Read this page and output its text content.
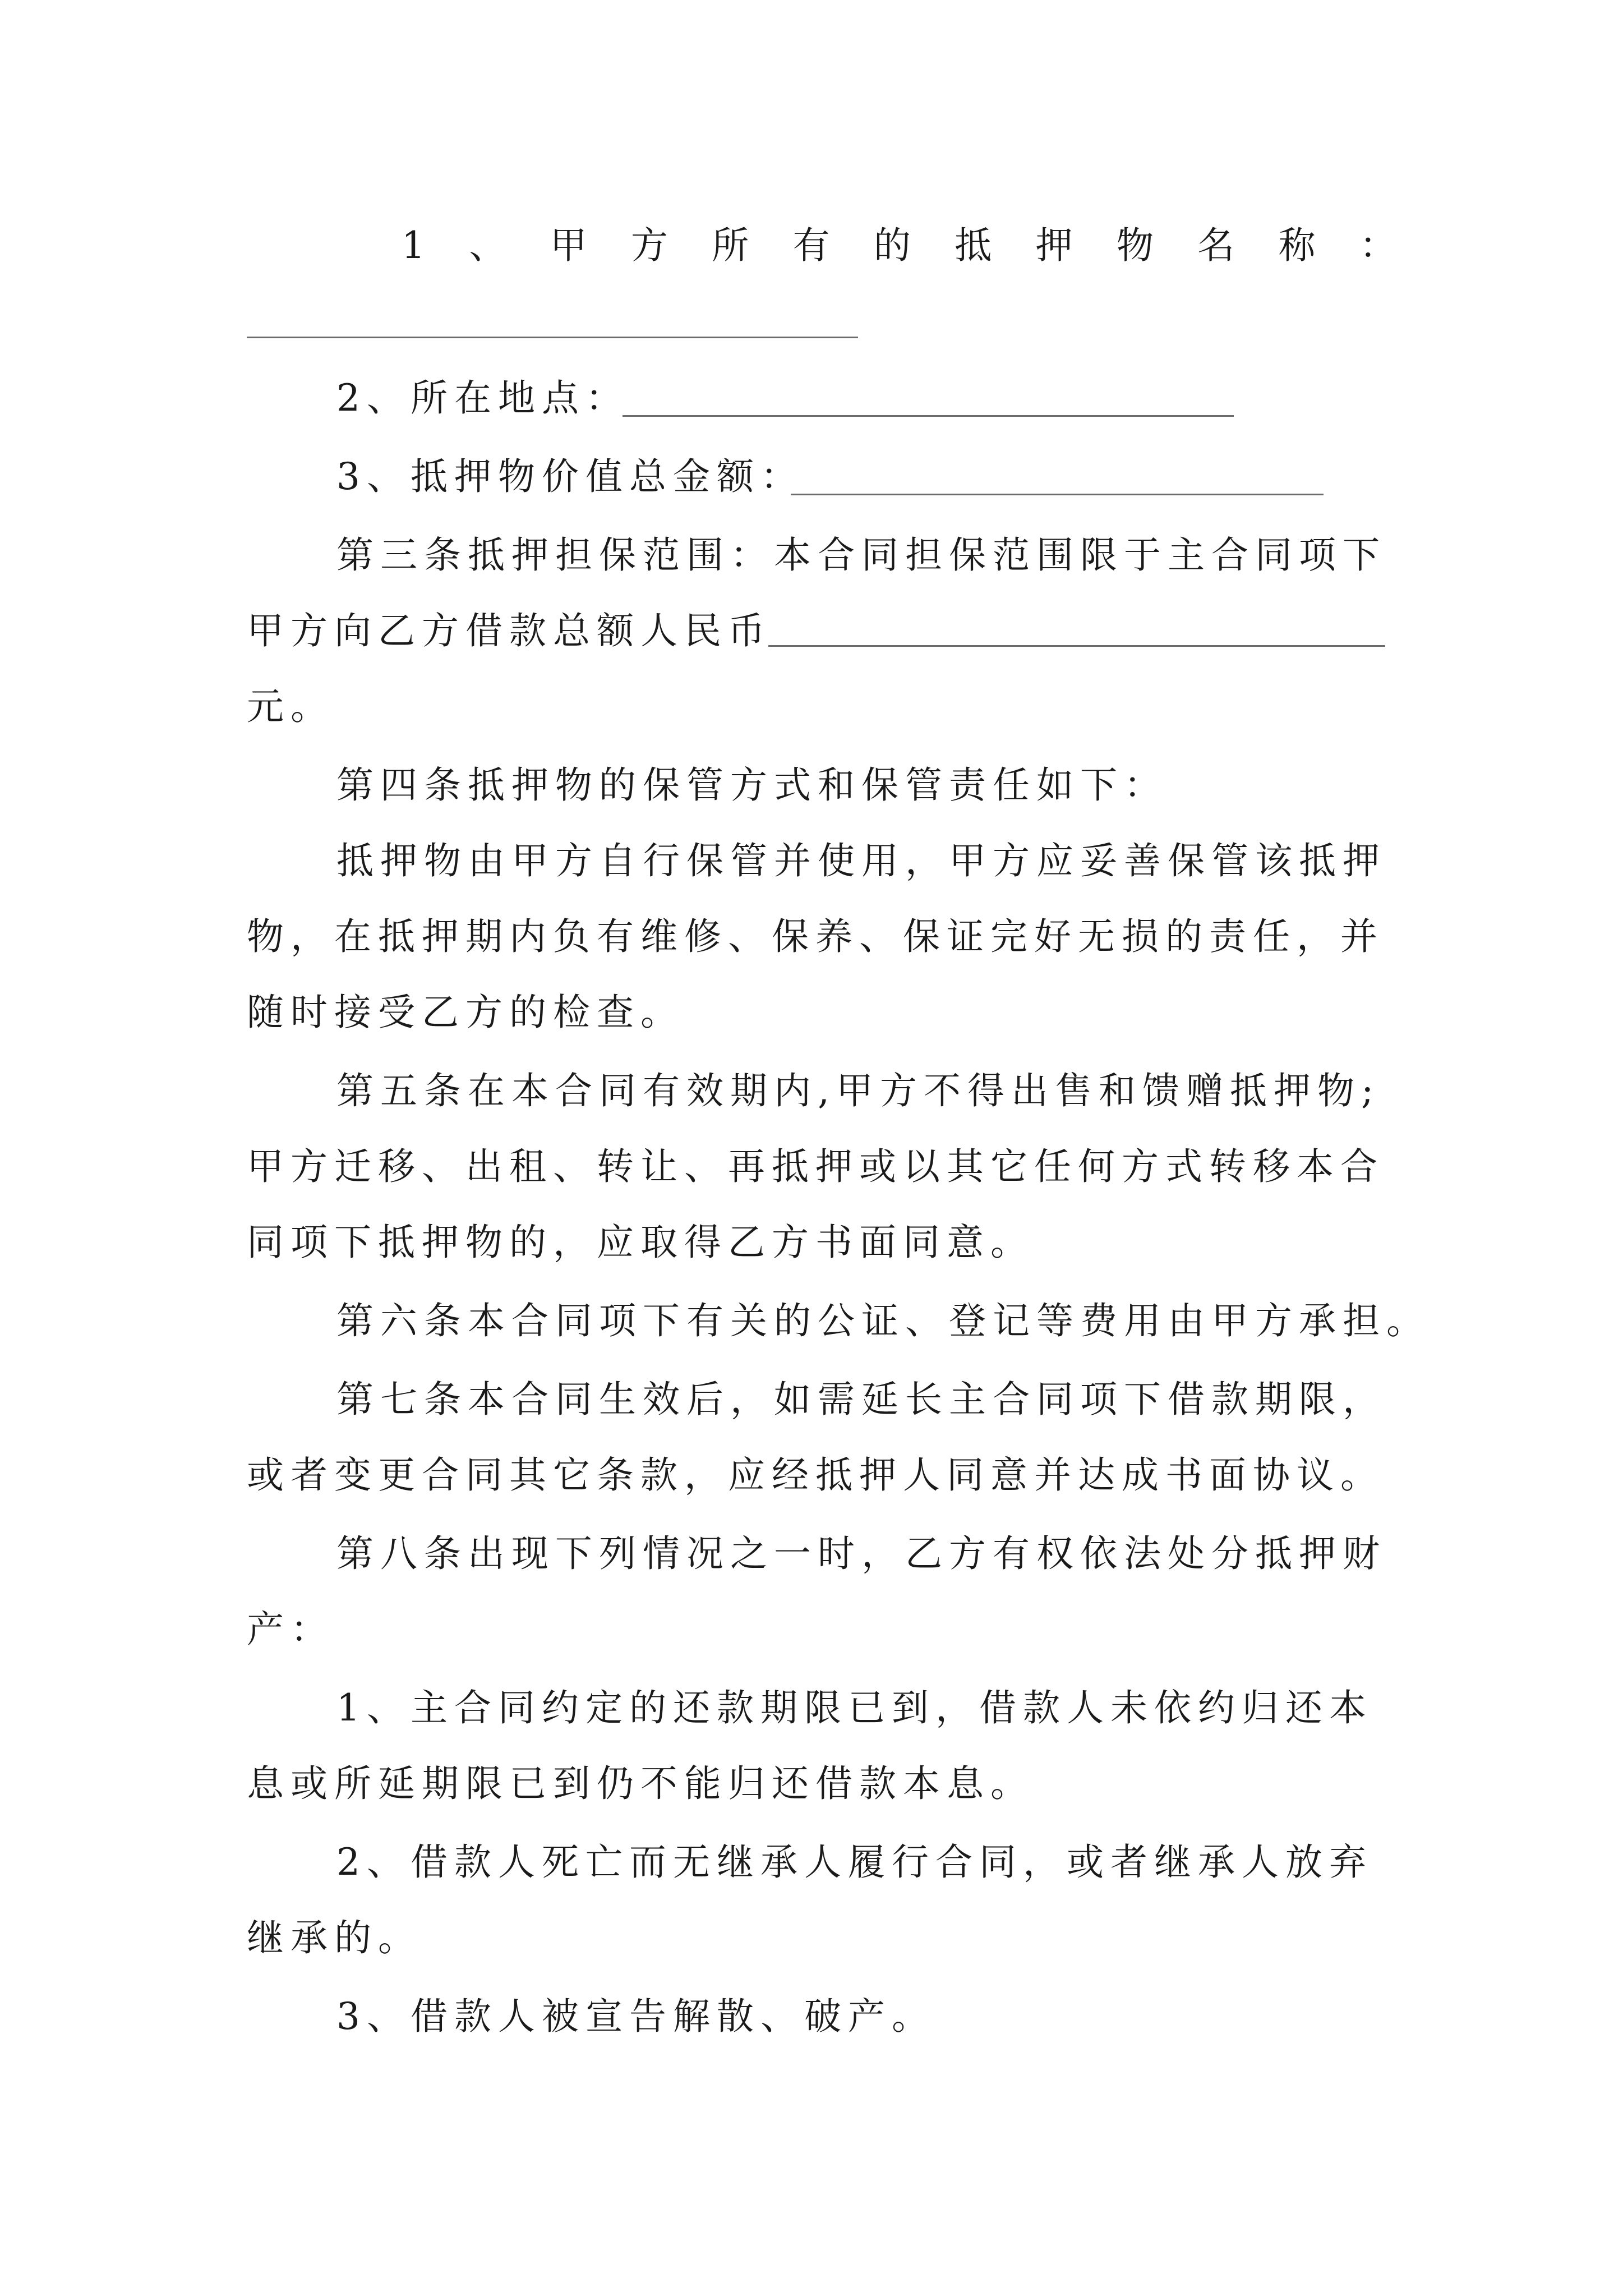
1 、 甲 方 所 有 的 抵 押 物 名 称 ：
2、所在地点：
3、抵押物价值总金额：
第三条抵押担保范围：本合同担保范围限于主合同项下
甲方向乙方借款总额人民币
元。
第四条抵押物的保管方式和保管责任如下：
抵押物由甲方自行保管并使用，甲方应妥善保管该抵押
物，在抵押期内负有维修、保养、保证完好无损的责任，并
随时接受乙方的检查。
第五条在本合同有效期内,甲方不得出售和馈赠抵押物;
甲方迁移、出租、转让、再抵押或以其它任何方式转移本合
同项下抵押物的，应取得乙方书面同意。
第六条本合同项下有关的公证、登记等费用由甲方承担。
第七条本合同生效后，如需延长主合同项下借款期限，
或者变更合同其它条款，应经抵押人同意并达成书面协议。
第八条出现下列情况之一时，乙方有权依法处分抵押财
产：
1、主合同约定的还款期限已到，借款人未依约归还本
息或所延期限已到仍不能归还借款本息。
2、借款人死亡而无继承人履行合同，或者继承人放弃
继承的。
3、借款人被宣告解散、破产。
